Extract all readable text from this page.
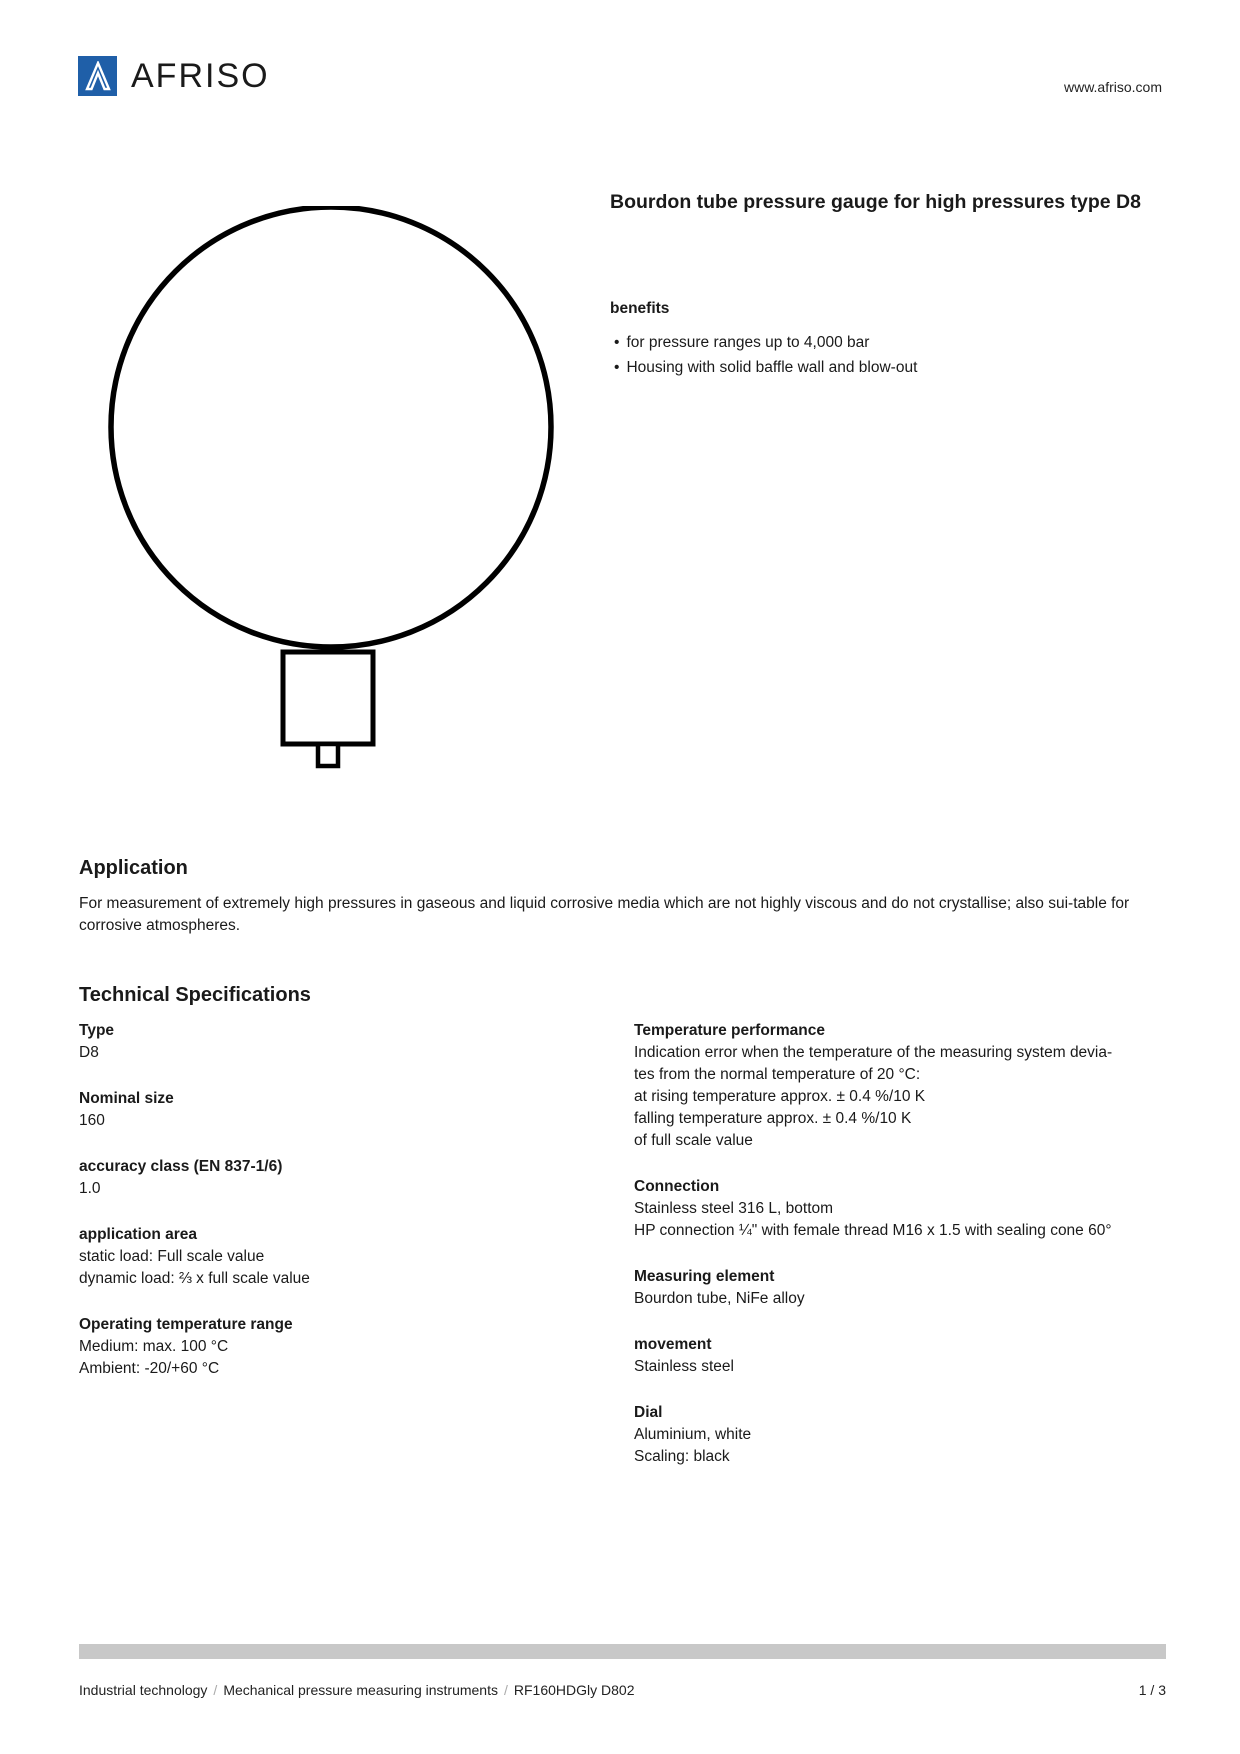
AFRISO	www.afriso.com
Bourdon tube pressure gauge for high pressures type D8
benefits
• for pressure ranges up to 4,000 bar
• Housing with solid baffle wall and blow-out
Application
For measurement of extremely high pressures in gaseous and liquid corrosive media which are not highly viscous and do not crystallise; also sui-table for corrosive atmospheres.
Technical Specifications
Type
D8
Nominal size
160
accuracy class (EN 837-1/6)
1.0
application area
static load: Full scale value
dynamic load: ⅔ x full scale value
Operating temperature range
Medium: max. 100 °C
Ambient: -20/+60 °C
Temperature performance
Indication error when the temperature of the measuring system devia-
tes from the normal temperature of 20 °C:
at rising temperature approx. ± 0.4 %/10 K
falling temperature approx. ± 0.4 %/10 K
of full scale value
Connection
Stainless steel 316 L, bottom
HP connection ¼" with female thread M16 x 1.5 with sealing cone 60°
Measuring element
Bourdon tube, NiFe alloy
movement
Stainless steel
Dial
Aluminium, white
Scaling: black
Industrial technology / Mechanical pressure measuring instruments / RF160HDGly D802	1 / 3
